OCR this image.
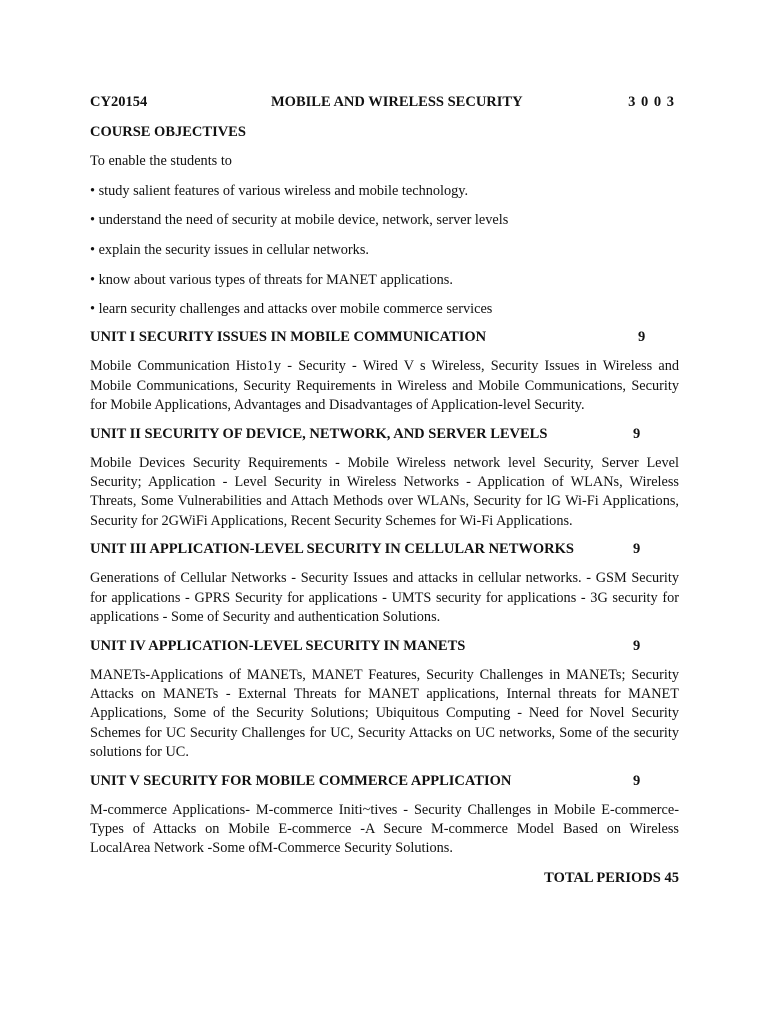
CY20154	MOBILE AND WIRELESS SECURITY	3 0 0 3
COURSE OBJECTIVES
To enable the students to
• study salient features of various wireless and mobile technology.
• understand the need of security at mobile device, network, server levels
• explain the security issues in cellular networks.
• know about various types of threats for MANET applications.
• learn security challenges and attacks over mobile commerce services
UNIT I SECURITY ISSUES IN MOBILE COMMUNICATION	9
Mobile Communication Histo1y - Security - Wired V s Wireless, Security Issues in Wireless and Mobile Communications, Security Requirements in Wireless and Mobile Communications, Security for Mobile Applications, Advantages and Disadvantages of Application-level Security.
UNIT II SECURITY OF DEVICE, NETWORK, AND SERVER LEVELS	9
Mobile Devices Security Requirements - Mobile Wireless network level Security, Server Level Security; Application - Level Security in Wireless Networks - Application of WLANs, Wireless Threats, Some Vulnerabilities and Attach Methods over WLANs, Security for lG Wi-Fi Applications, Security for 2GWiFi Applications, Recent Security Schemes for Wi-Fi Applications.
UNIT III APPLICATION-LEVEL SECURITY IN CELLULAR NETWORKS	9
Generations of Cellular Networks - Security Issues and attacks in cellular networks. - GSM Security for applications - GPRS Security for applications - UMTS security for applications - 3G security for applications - Some of Security and authentication Solutions.
UNIT IV APPLICATION-LEVEL SECURITY IN MANETS	9
MANETs-Applications of MANETs, MANET Features, Security Challenges in MANETs; Security Attacks on MANETs - External Threats for MANET applications, Internal threats for MANET Applications, Some of the Security Solutions; Ubiquitous Computing - Need for Novel Security Schemes for UC Security Challenges for UC, Security Attacks on UC networks, Some of the security solutions for UC.
UNIT V SECURITY FOR MOBILE COMMERCE APPLICATION	9
M-commerce Applications- M-commerce Initi~tives - Security Challenges in Mobile E-commerce- Types of Attacks on Mobile E-commerce -A Secure M-commerce Model Based on Wireless LocalArea Network -Some ofM-Commerce Security Solutions.
TOTAL PERIODS 45
